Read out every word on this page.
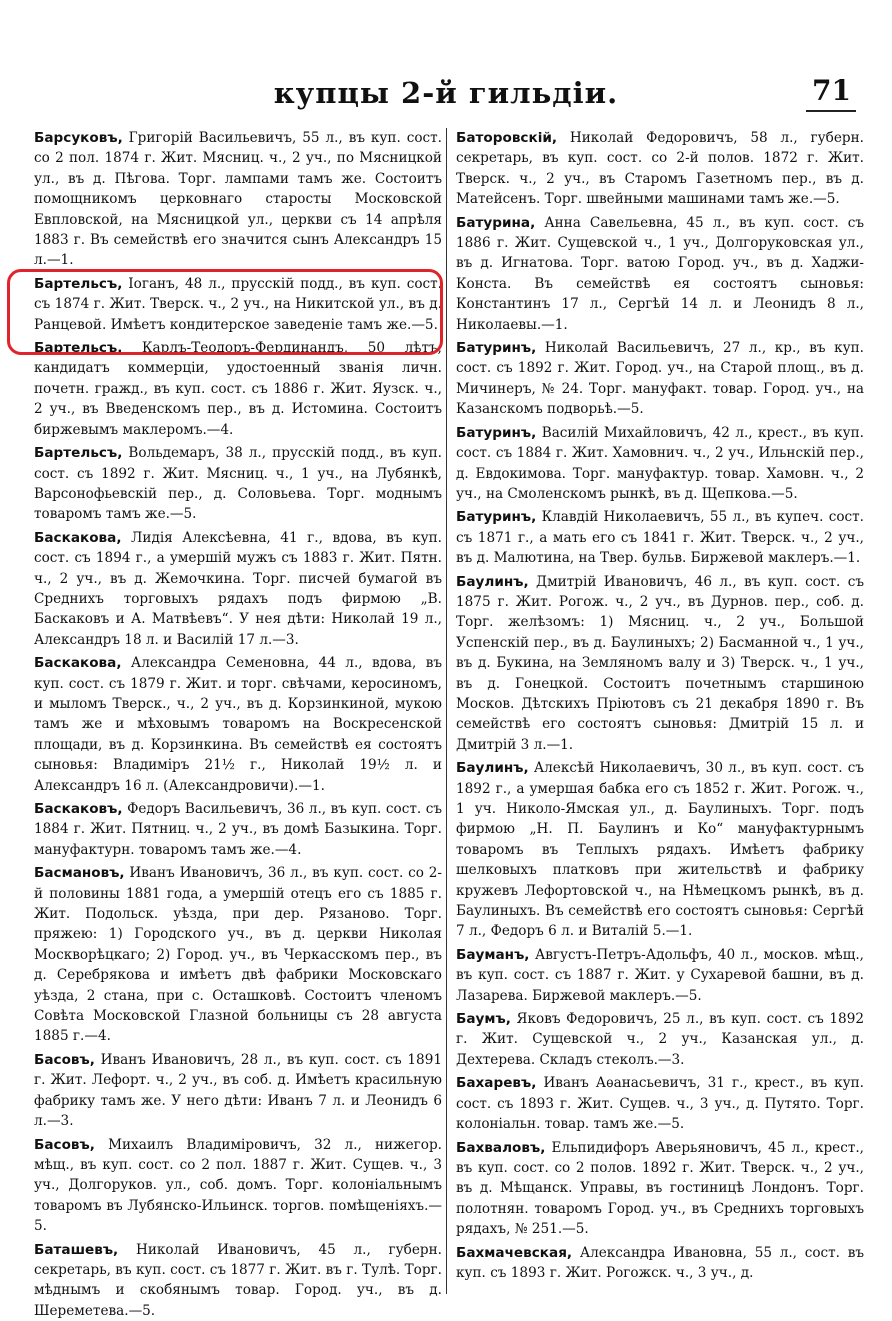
купцы 2-й гильдіи.	71

Барсуковъ, Григорій Васильевичъ, 55 л., въ куп. сост. со 2 пол. 1874 г. Жит. Мясниц. ч., 2 уч., по Мясницкой ул., въ д. Пѣгова. Торг. лампами тамъ же. Состоитъ помощникомъ церковнаго старосты Московской Евпловской, на Мясницкой ул., церкви съ 14 апрѣля 1883 г. Въ семействѣ его значится сынъ Александръ 15 л.—1.

Бартельсъ, Іоганъ, 48 л., прусскій подд., въ куп. сост. съ 1874 г. Жит. Тверск. ч., 2 уч., на Никитской ул., въ д. Ранцевой. Имѣетъ кондитерское заведеніе тамъ же.—5.

Бартельсъ, Карлъ-Теодоръ-Фердинандъ, 50 лѣтъ, кандидатъ коммерціи, удостоенный званія личн. почетн. гражд., въ куп. сост. съ 1886 г. Жит. Яузск. ч., 2 уч., въ Введенскомъ пер., въ д. Истомина. Состоитъ биржевымъ маклеромъ.—4.

Бартельсъ, Вольдемаръ, 38 л., прусскій подд., въ куп. сост. съ 1892 г. Жит. Мясниц. ч., 1 уч., на Лубянкѣ, Варсонофьевскій пер., д. Соловьева. Торг. моднымъ товаромъ тамъ же.—5.

Баскакова, Лидія Алексѣевна, 41 г., вдова, въ куп. сост. съ 1894 г., а умершій мужъ съ 1883 г. Жит. Пятн. ч., 2 уч., въ д. Жемочкина. Торг. писчей бумагой въ Среднихъ торговыхъ рядахъ подъ фирмою „В. Баскаковъ и А. Матвѣевъ“. У нея дѣти: Николай 19 л., Александръ 18 л. и Василій 17 л.—3.

Баскакова, Александра Семеновна, 44 л., вдова, въ куп. сост. съ 1879 г. Жит. и торг. свѣчами, керосиномъ, и мыломъ Тверск., ч., 2 уч., въ д. Корзинкиной, мукою тамъ же и мѣховымъ товаромъ на Воскресенской площади, въ д. Корзинкина. Въ семействѣ ея состоятъ сыновья: Владиміръ 21½ г., Николай 19½ л. и Александръ 16 л. (Александровичи).—1.

Баскаковъ, Федоръ Васильевичъ, 36 л., въ куп. сост. съ 1884 г. Жит. Пятниц. ч., 2 уч., въ домѣ Базыкина. Торг. мануфактурн. товаромъ тамъ же.—4.

Басмановъ, Иванъ Ивановичъ, 36 л., въ куп. сост. со 2-й половины 1881 года, а умершій отецъ его съ 1885 г. Жит. Подольск. уѣзда, при дер. Рязаново. Торг. пряжею: 1) Городского уч., въ д. церкви Николая Москворѣцкаго; 2) Город. уч., въ Черкасскомъ пер., въ д. Серебрякова и имѣетъ двѣ фабрики Московскаго уѣзда, 2 стана, при с. Осташковѣ. Состоитъ членомъ Совѣта Московской Глазной больницы съ 28 августа 1885 г.—4.

Басовъ, Иванъ Ивановичъ, 28 л., въ куп. сост. съ 1891 г. Жит. Лефорт. ч., 2 уч., въ соб. д. Имѣетъ красильную фабрику тамъ же. У него дѣти: Иванъ 7 л. и Леонидъ 6 л.—3.

Басовъ, Михаилъ Владиміровичъ, 32 л., нижегор. мѣщ., въ куп. сост. со 2 пол. 1887 г. Жит. Сущев. ч., 3 уч., Долгоруков. ул., соб. домъ. Торг. колоніальнымъ товаромъ въ Лубянско-Ильинск. торгов. помѣщеніяхъ.—5.

Баташевъ, Николай Ивановичъ, 45 л., губерн. секретарь, въ куп. сост. съ 1877 г. Жит. въ г. Тулѣ. Торг. мѣднымъ и скобянымъ товар. Город. уч., въ д. Шереметева.—5.

Баторовскій, Николай Федоровичъ, 58 л., губерн. секретарь, въ куп. сост. со 2-й полов. 1872 г. Жит. Тверск. ч., 2 уч., въ Старомъ Газетномъ пер., въ д. Матейсенъ. Торг. швейными машинами тамъ же.—5.

Батурина, Анна Савельевна, 45 л., въ куп. сост. съ 1886 г. Жит. Сущевской ч., 1 уч., Долгоруковская ул., въ д. Игнатова. Торг. ватою Город. уч., въ д. Хаджи-Конста. Въ семействѣ ея состоятъ сыновья: Константинъ 17 л., Сергѣй 14 л. и Леонидъ 8 л., Николаевы.—1.

Батуринъ, Николай Васильевичъ, 27 л., кр., въ куп. сост. съ 1892 г. Жит. Город. уч., на Старой площ., въ д. Мичинеръ, № 24. Торг. мануфакт. товар. Город. уч., на Казанскомъ подворьѣ.—5.

Батуринъ, Василій Михайловичъ, 42 л., крест., въ куп. сост. съ 1884 г. Жит. Хамовнич. ч., 2 уч., Ильнскій пер., д. Евдокимова. Торг. мануфактур. товар. Хамовн. ч., 2 уч., на Смоленскомъ рынкѣ, въ д. Щепкова.—5.

Батуринъ, Клавдій Николаевичъ, 55 л., въ купеч. сост. съ 1871 г., а мать его съ 1841 г. Жит. Тверск. ч., 2 уч., въ д. Малютина, на Твер. бульв. Биржевой маклеръ.—1.

Баулинъ, Дмитрій Ивановичъ, 46 л., въ куп. сост. съ 1875 г. Жит. Рогож. ч., 2 уч., въ Дурнов. пер., соб. д. Торг. желѣзомъ: 1) Мясниц. ч., 2 уч., Большой Успенскій пер., въ д. Баулиныхъ; 2) Басманной ч., 1 уч., въ д. Букина, на Земляномъ валу и 3) Тверск. ч., 1 уч., въ д. Гонецкой. Состоитъ почетнымъ старшиною Москов. Дѣтскихъ Пріютовъ съ 21 декабря 1890 г. Въ семействѣ его состоятъ сыновья: Дмитрій 15 л. и Дмитрій 3 л.—1.

Баулинъ, Алексѣй Николаевичъ, 30 л., въ куп. сост. съ 1892 г., а умершая бабка его съ 1852 г. Жит. Рогож. ч., 1 уч. Николо-Ямская ул., д. Баулиныхъ. Торг. подъ фирмою „Н. П. Баулинъ и Ко“ мануфактурнымъ товаромъ въ Теплыхъ рядахъ. Имѣетъ фабрику шелковыхъ платковъ при жительствѣ и фабрику кружевъ Лефортовской ч., на Нѣмецкомъ рынкѣ, въ д. Баулиныхъ. Въ семействѣ его состоятъ сыновья: Сергѣй 7 л., Федоръ 6 л. и Виталій 5.—1.

Бауманъ, Августъ-Петръ-Адольфъ, 40 л., москов. мѣщ., въ куп. сост. съ 1887 г. Жит. у Сухаревой башни, въ д. Лазарева. Биржевой маклеръ.—5.

Баумъ, Яковъ Федоровичъ, 25 л., въ куп. сост. съ 1892 г. Жит. Сущевской ч., 2 уч., Казанская ул., д. Дехтерева. Складъ стеколъ.—3.

Бахаревъ, Иванъ Аѳанасьевичъ, 31 г., крест., въ куп. сост. съ 1893 г. Жит. Сущев. ч., 3 уч., д. Путято. Торг. колоніальн. товар. тамъ же.—5.

Бахваловъ, Ельпидифоръ Аверьяновичъ, 45 л., крест., въ куп. сост. со 2 полов. 1892 г. Жит. Тверск. ч., 2 уч., въ д. Мѣщанск. Управы, въ гостиницѣ Лондонъ. Торг. полотнян. товаромъ Город. уч., въ Среднихъ торговыхъ рядахъ, № 251.—5.

Бахмачевская, Александра Ивановна, 55 л., сост. въ куп. съ 1893 г. Жит. Рогожск. ч., 3 уч., д.
